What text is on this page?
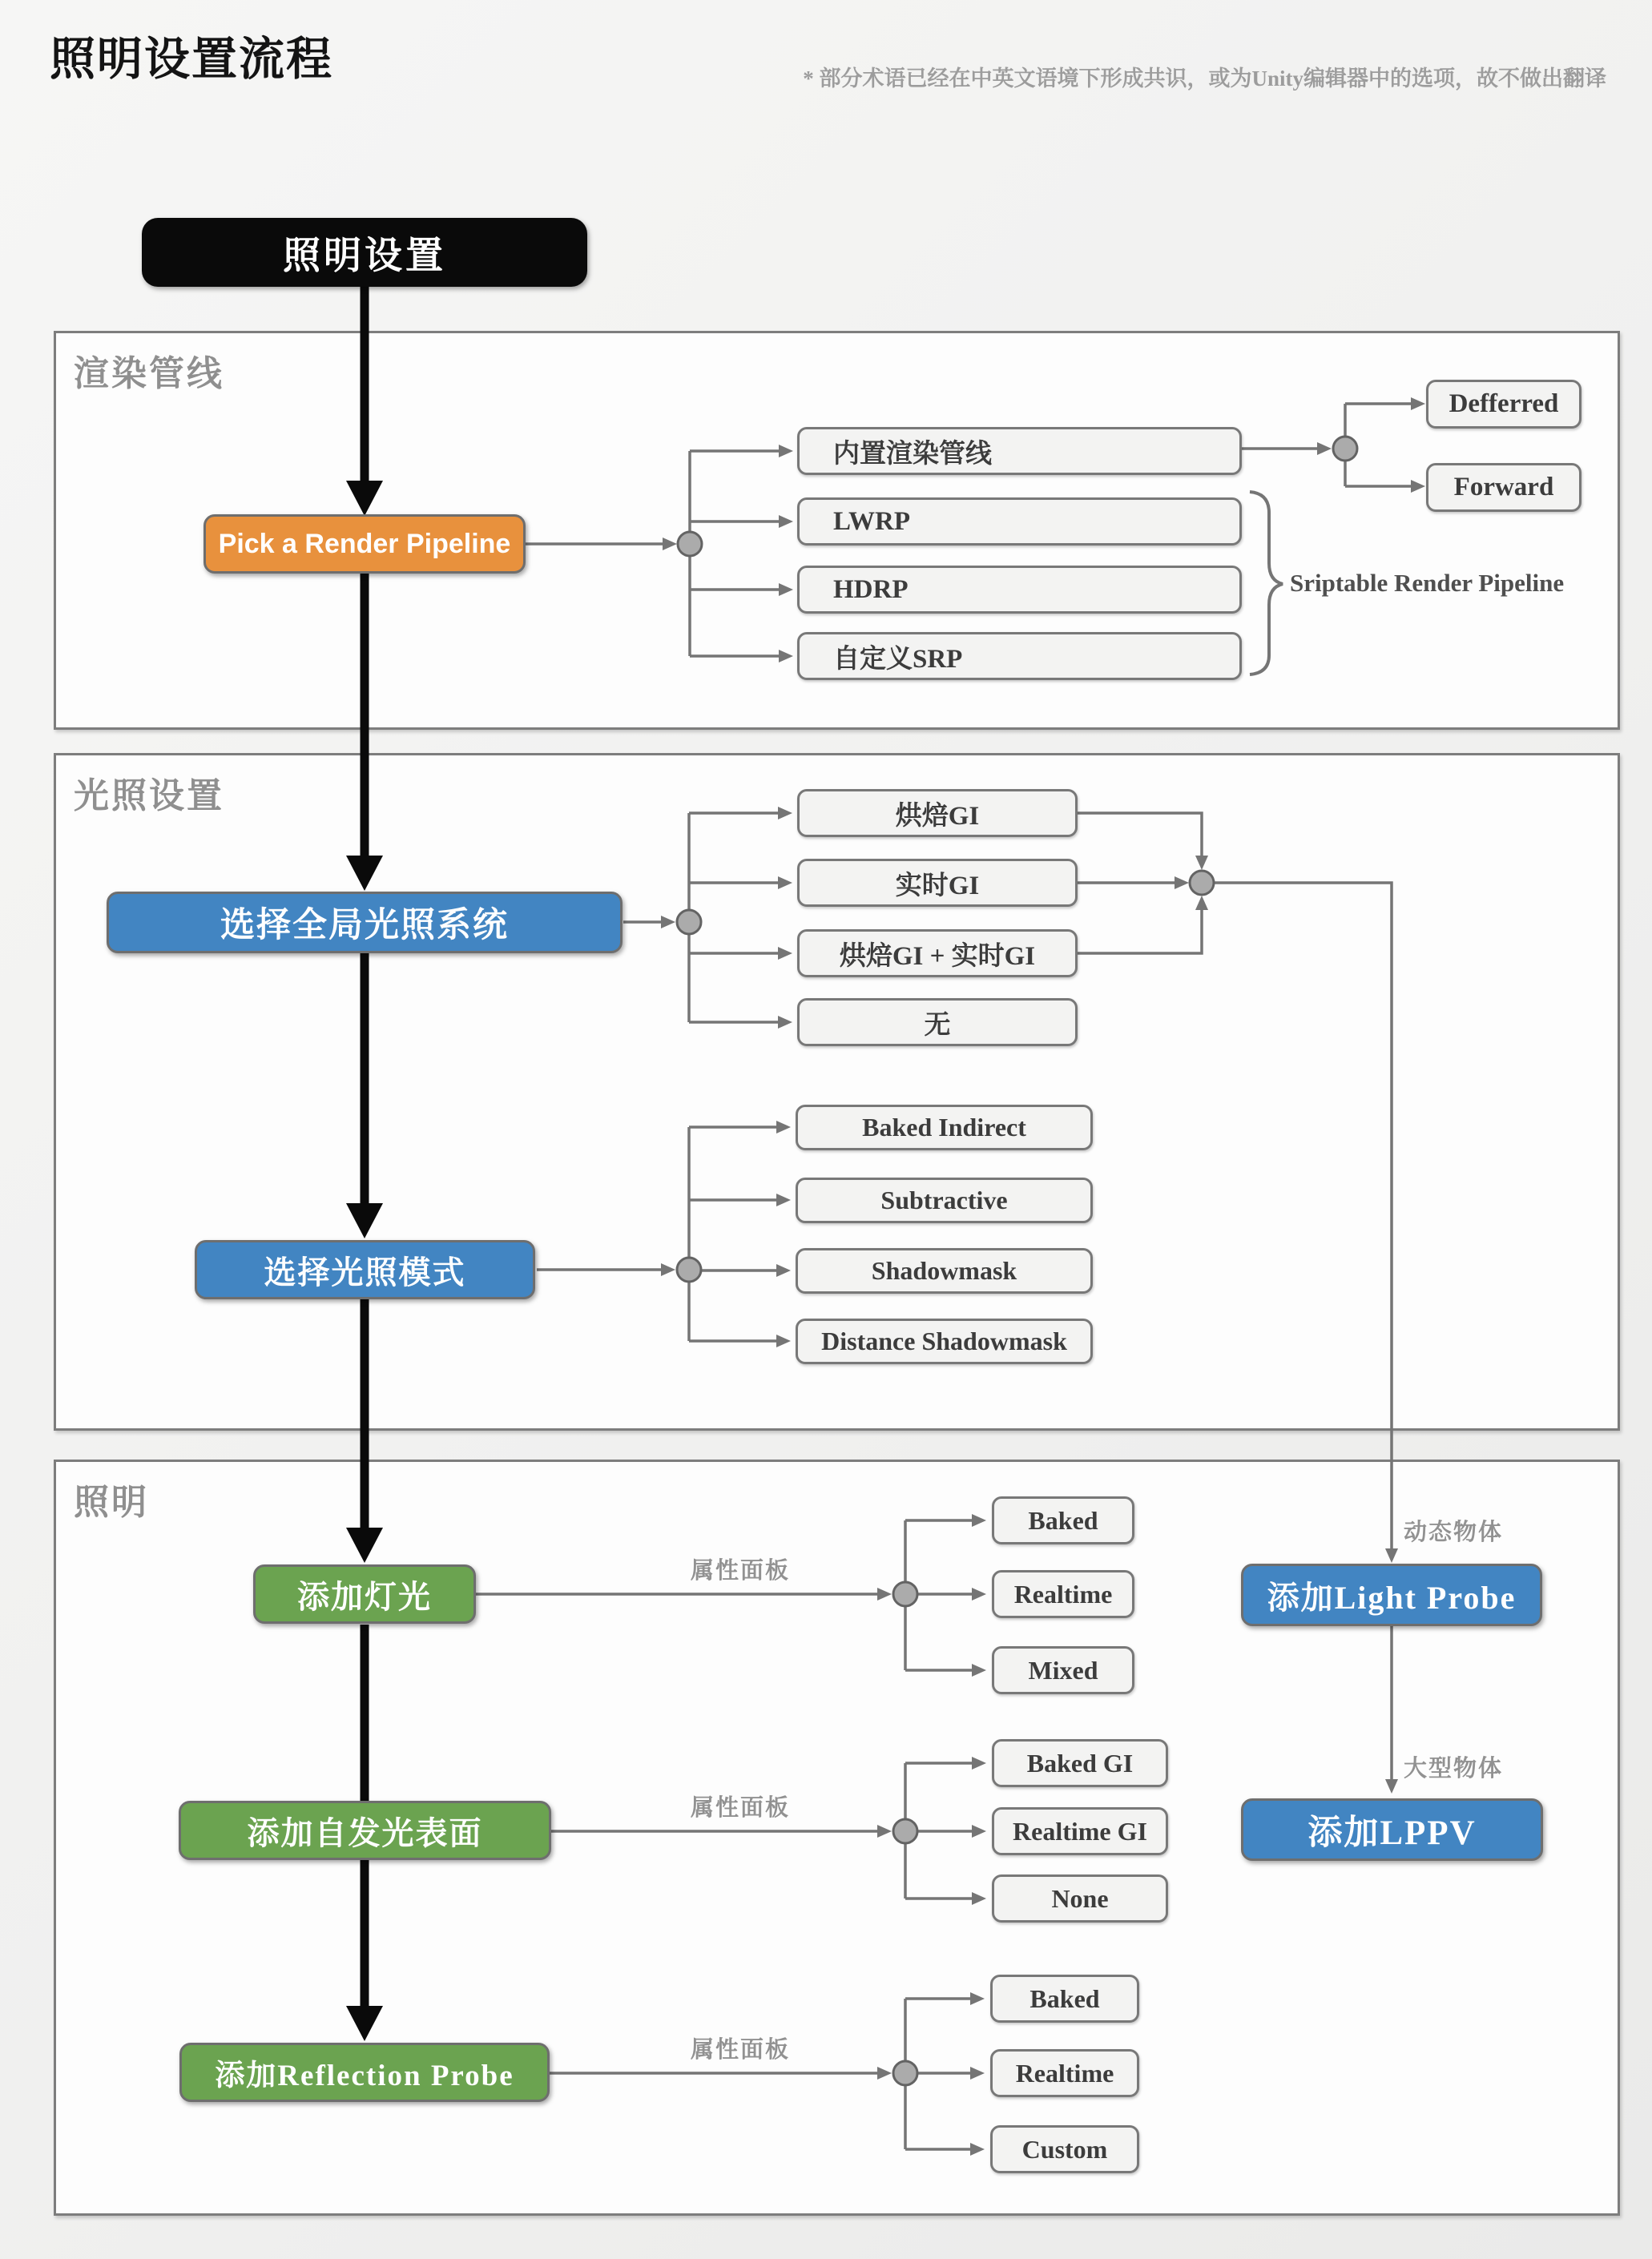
照明设置流程	* 部分术语已经在中英文语境下形成共识，或为Unity编辑器中的选项，故不做出翻译
渲染管线
光照设置
照明
照明设置
Pick a Render Pipeline
内置渲染管线
LWRP
HDRP
自定义SRP
Defferred
Forward
Sriptable Render Pipeline
选择全局光照系统
烘焙GI
实时GI
烘焙GI + 实时GI
无
选择光照模式
Baked Indirect
Subtractive
Shadowmask
Distance Shadowmask
添加灯光
属性面板
Baked
Realtime
Mixed
动态物体
添加Light Probe
大型物体
添加LPPV
添加自发光表面
属性面板
Baked GI
Realtime GI
None
添加Reflection Probe
属性面板
Baked
Realtime
Custom
